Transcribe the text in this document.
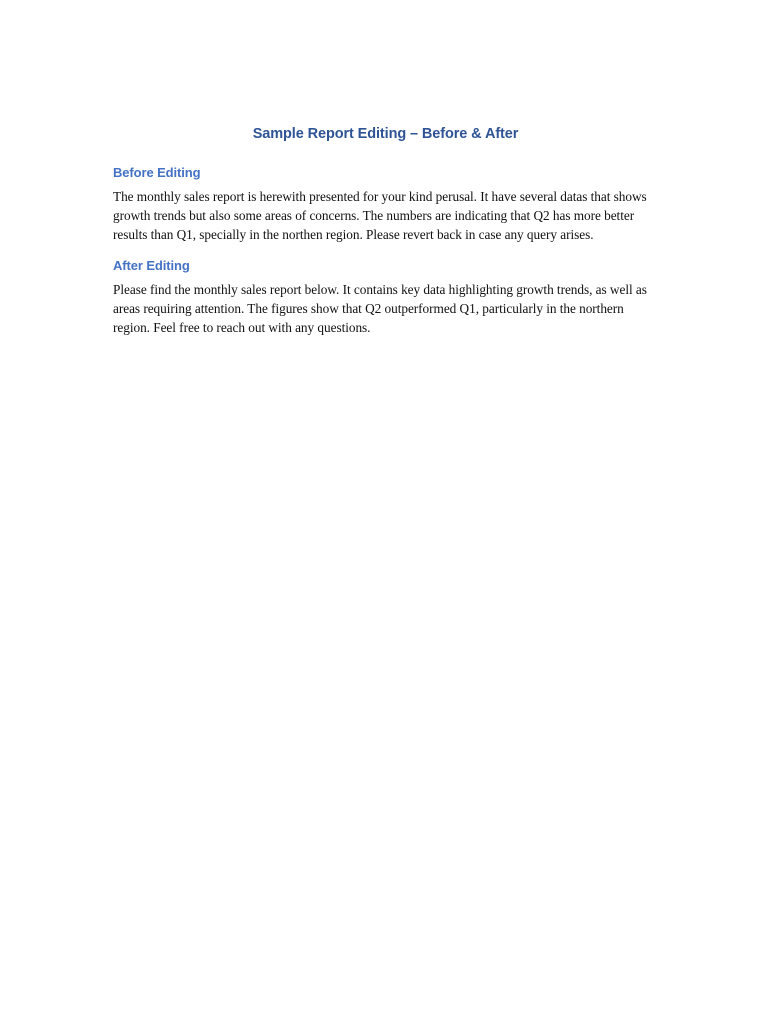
Sample Report Editing – Before & After
Before Editing

The monthly sales report is herewith presented for your kind perusal. It have several datas that shows growth trends but also some areas of concerns. The numbers are indicating that Q2 has more better results than Q1, specially in the northen region. Please revert back in case any query arises.

After Editing

Please find the monthly sales report below. It contains key data highlighting growth trends, as well as areas requiring attention. The figures show that Q2 outperformed Q1, particularly in the northern region. Feel free to reach out with any questions.
